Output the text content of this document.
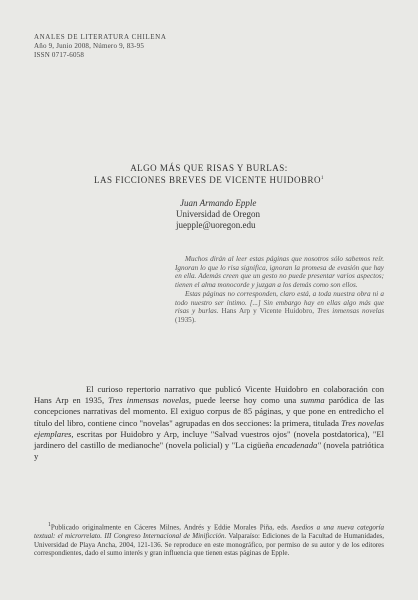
ANALES DE LITERATURA CHILENA
Año 9, Junio 2008, Número 9, 83-95
ISSN 0717-6058
ALGO MÁS QUE RISAS Y BURLAS:
LAS FICCIONES BREVES DE VICENTE HUIDOBRO$^1$
Juan Armando Epple
Universidad de Oregon
juepple@uoregon.edu
Muchos dirán al leer estas páginas que nosotros sólo sabemos reír. Ignoran lo que lo risa significa, ignoran la promesa de evasión que hay en ella. Además creen que un gesto no puede presentar varios aspectos; tienen el alma monocorde y juzgan a los demás como son ellos.
Estas páginas no corresponden, claro está, a toda nuestra obra ni a todo nuestro ser íntimo. [...] Sin embargo hay en ellas algo más que risas y burlas. Hans Arp y Vicente Huidobro, Tres inmensas novelas (1935).
El curioso repertorio narrativo que publicó Vicente Huidobro en colaboración con Hans Arp en 1935, Tres inmensas novelas, puede leerse hoy como una summa paródica de las concepciones narrativas del momento. El exiguo corpus de 85 páginas, y que pone en entredicho el título del libro, contiene cinco "novelas" agrupadas en dos secciones: la primera, titulada Tres novelas ejemplares, escritas por Huidobro y Arp, incluye "Salvad vuestros ojos" (novela postdatorica), "El jardinero del castillo de medianoche" (novela policial) y "La cigüeña encadenada" (novela patriótica y
$^1$Publicado originalmente en Cáceres Milnes, Andrés y Eddie Morales Piña, eds. Asedios a una nueva categoría textual: el microrrelato. III Congreso Internacional de Minificción. Valparaíso: Ediciones de la Facultad de Humanidades, Universidad de Playa Ancha, 2004, 121-136. Se reproduce en este monográfico, por permiso de su autor y de los editores correspondientes, dado el sumo interés y gran influencia que tienen estas páginas de Epple.
